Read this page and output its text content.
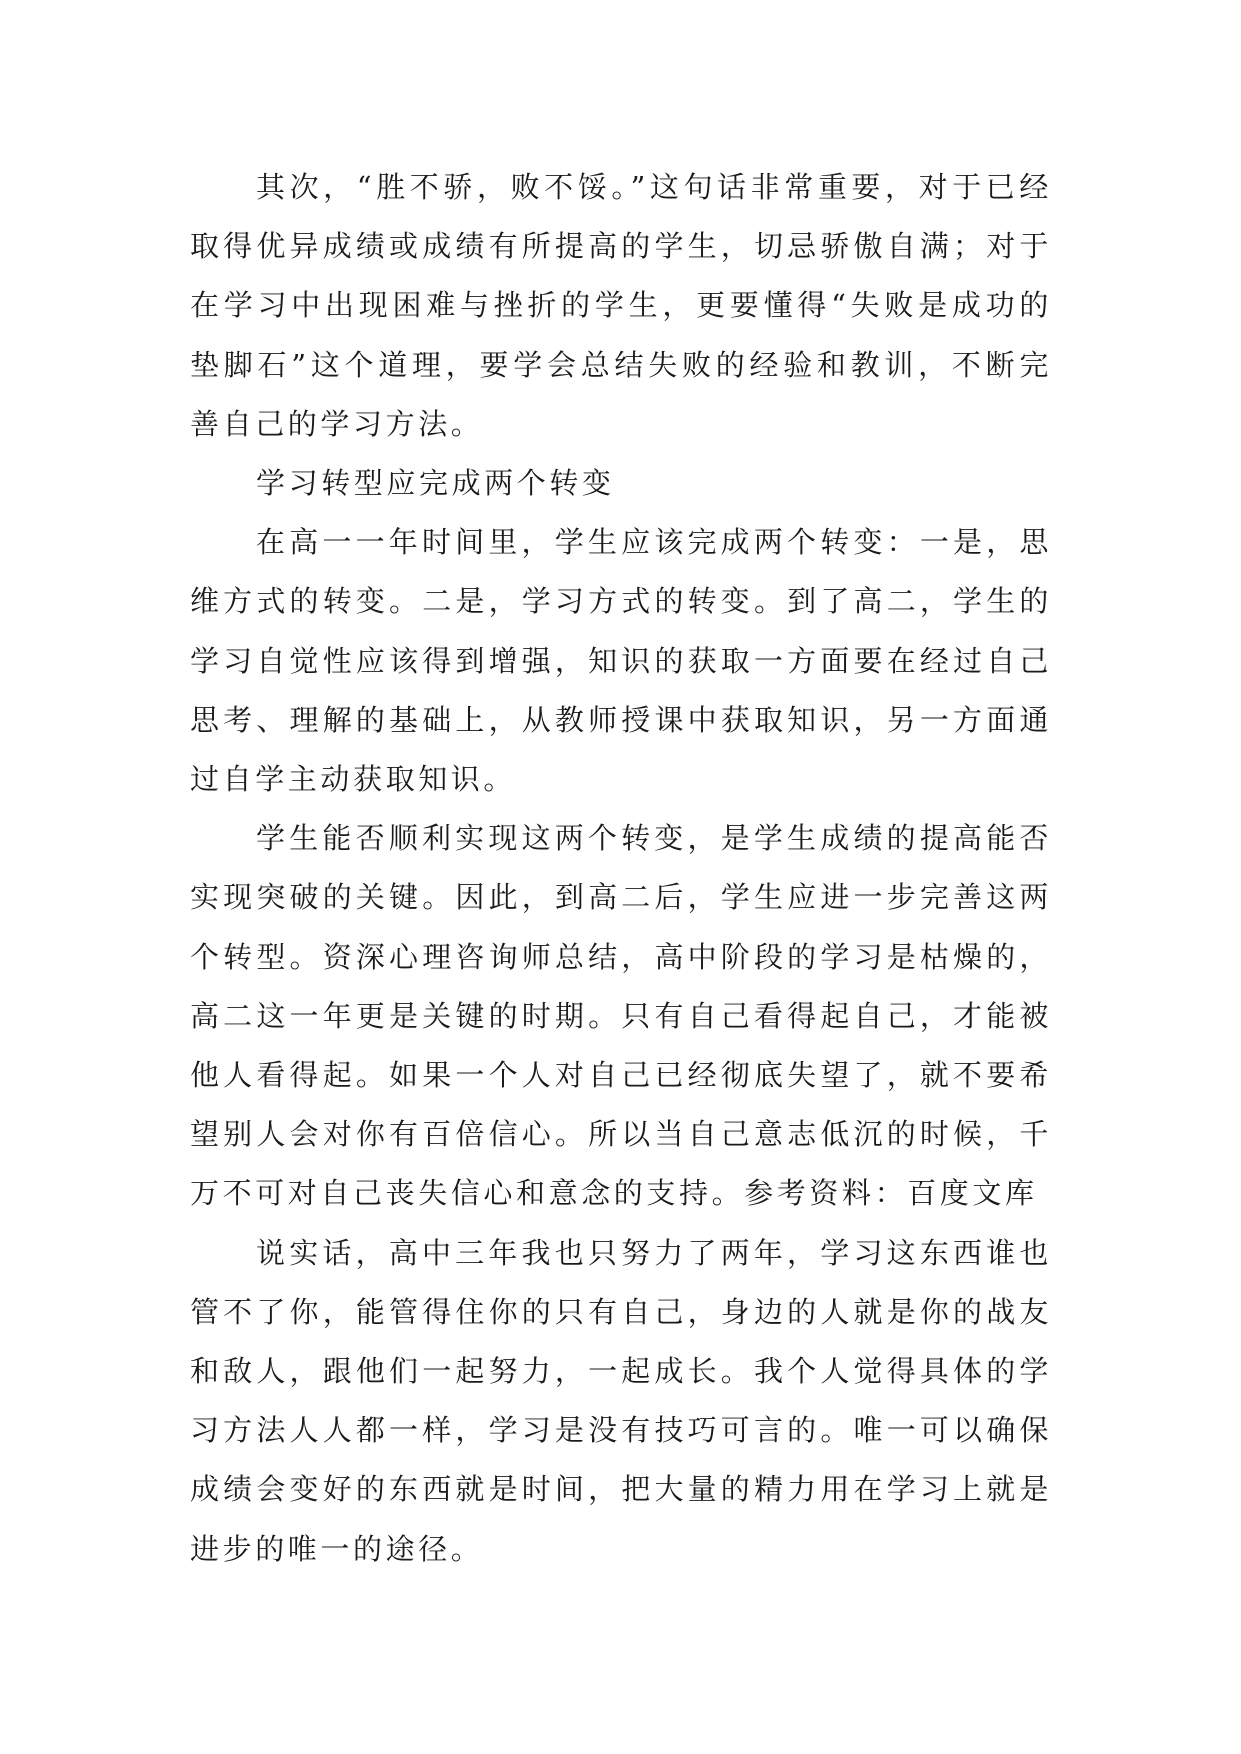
其次，“胜不骄，败不馁。”这句话非常重要，对于已经取得优异成绩或成绩有所提高的学生，切忌骄傲自满；对于在学习中出现困难与挫折的学生，更要懂得“失败是成功的垫脚石”这个道理，要学会总结失败的经验和教训，不断完善自己的学习方法。

学习转型应完成两个转变

在高一一年时间里，学生应该完成两个转变：一是，思维方式的转变。二是，学习方式的转变。到了高二，学生的学习自觉性应该得到增强，知识的获取一方面要在经过自己思考、理解的基础上，从教师授课中获取知识，另一方面通过自学主动获取知识。

学生能否顺利实现这两个转变，是学生成绩的提高能否实现突破的关键。因此，到高二后，学生应进一步完善这两个转型。资深心理咨询师总结，高中阶段的学习是枯燥的，高二这一年更是关键的时期。只有自己看得起自己，才能被他人看得起。如果一个人对自己已经彻底失望了，就不要希望别人会对你有百倍信心。所以当自己意志低沉的时候，千万不可对自己丧失信心和意念的支持。参考资料：百度文库

说实话，高中三年我也只努力了两年，学习这东西谁也管不了你，能管得住你的只有自己，身边的人就是你的战友和敌人，跟他们一起努力，一起成长。我个人觉得具体的学习方法人人都一样，学习是没有技巧可言的。唯一可以确保成绩会变好的东西就是时间，把大量的精力用在学习上就是进步的唯一的途径。
